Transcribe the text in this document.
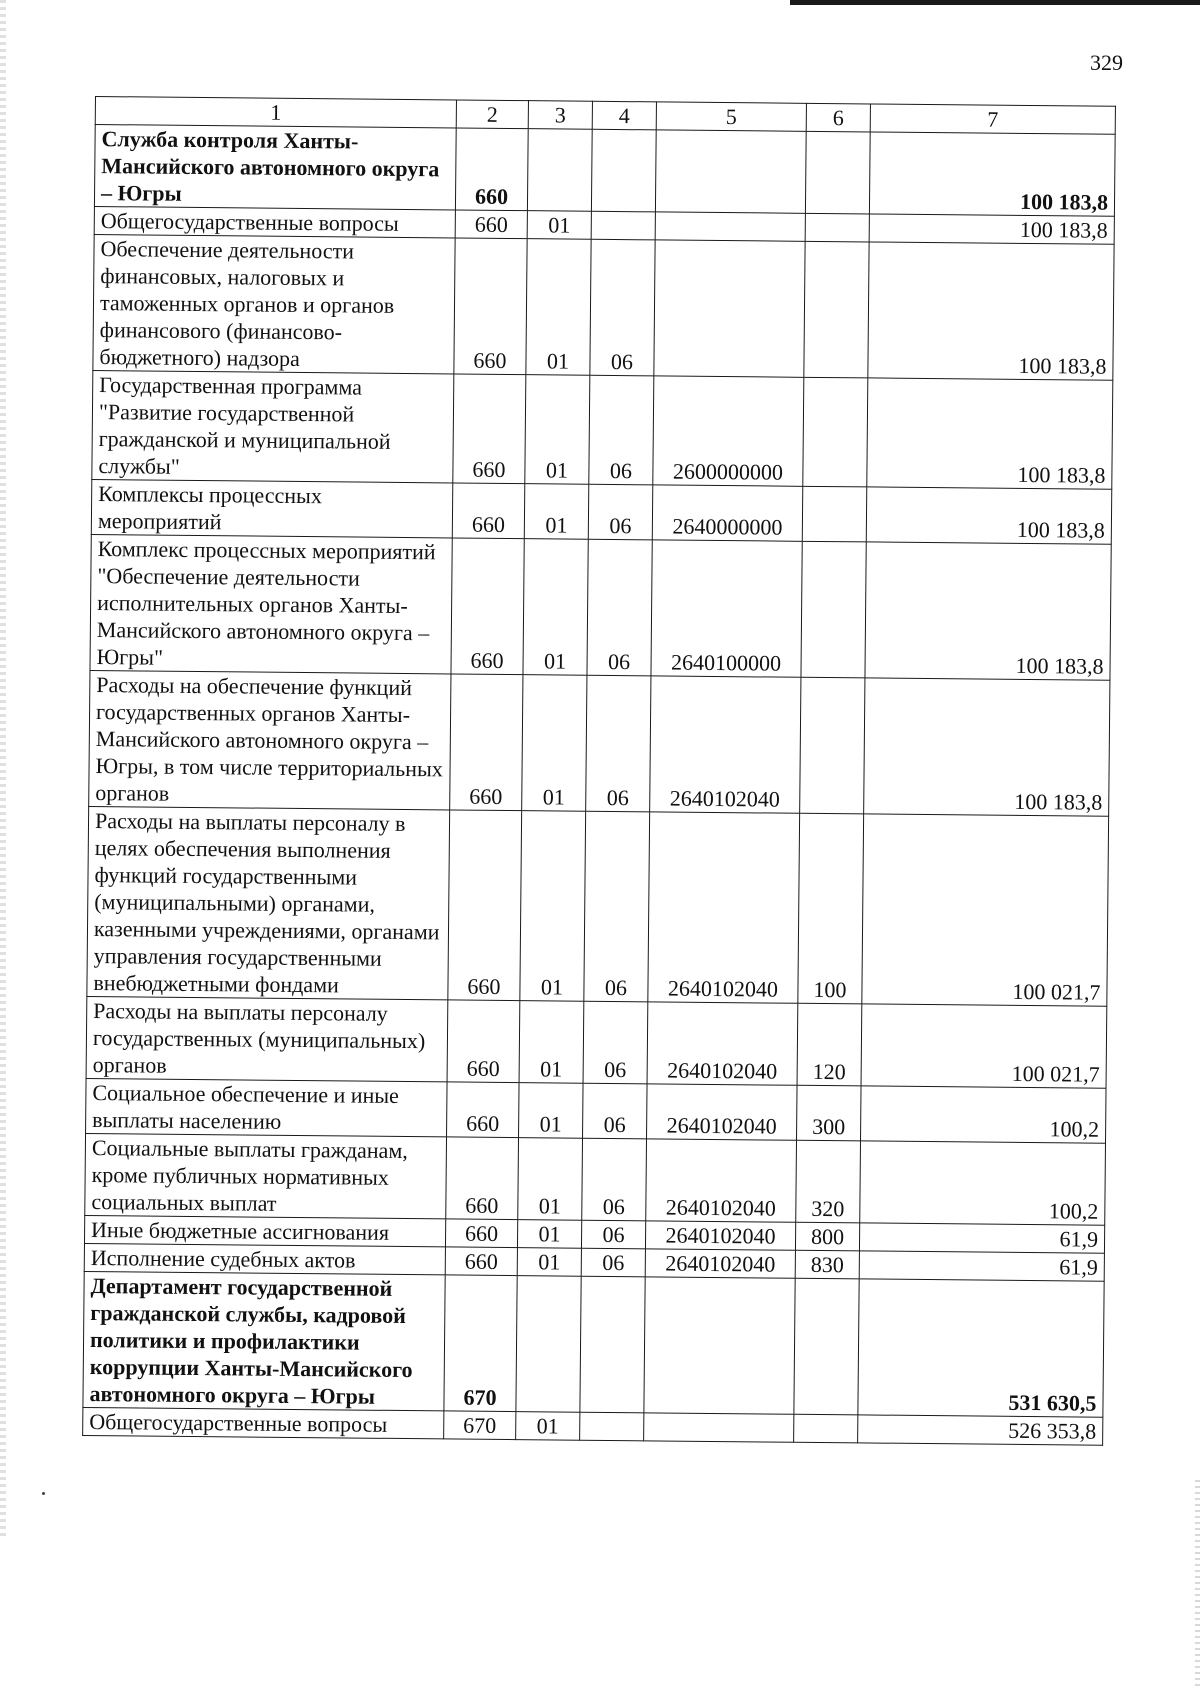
329
1	2	3	4	5	6	7
Служба контроля Ханты-Мансийского автономного округа – Югры	660					100 183,8
Общегосударственные вопросы	660	01				100 183,8
Обеспечение деятельности финансовых, налоговых и таможенных органов и органов финансового (финансово-бюджетного) надзора	660	01	06			100 183,8
Государственная программа "Развитие государственной гражданской и муниципальной службы"	660	01	06	2600000000		100 183,8
Комплексы процессных мероприятий	660	01	06	2640000000		100 183,8
Комплекс процессных мероприятий "Обеспечение деятельности исполнительных органов Ханты-Мансийского автономного округа – Югры"	660	01	06	2640100000		100 183,8
Расходы на обеспечение функций государственных органов Ханты-Мансийского автономного округа – Югры, в том числе территориальных органов	660	01	06	2640102040		100 183,8
Расходы на выплаты персоналу в целях обеспечения выполнения функций государственными (муниципальными) органами, казенными учреждениями, органами управления государственными внебюджетными фондами	660	01	06	2640102040	100	100 021,7
Расходы на выплаты персоналу государственных (муниципальных) органов	660	01	06	2640102040	120	100 021,7
Социальное обеспечение и иные выплаты населению	660	01	06	2640102040	300	100,2
Социальные выплаты гражданам, кроме публичных нормативных социальных выплат	660	01	06	2640102040	320	100,2
Иные бюджетные ассигнования	660	01	06	2640102040	800	61,9
Исполнение судебных актов	660	01	06	2640102040	830	61,9
Департамент государственной гражданской службы, кадровой политики и профилактики коррупции Ханты-Мансийского автономного округа – Югры	670					531 630,5
Общегосударственные вопросы	670	01				526 353,8
